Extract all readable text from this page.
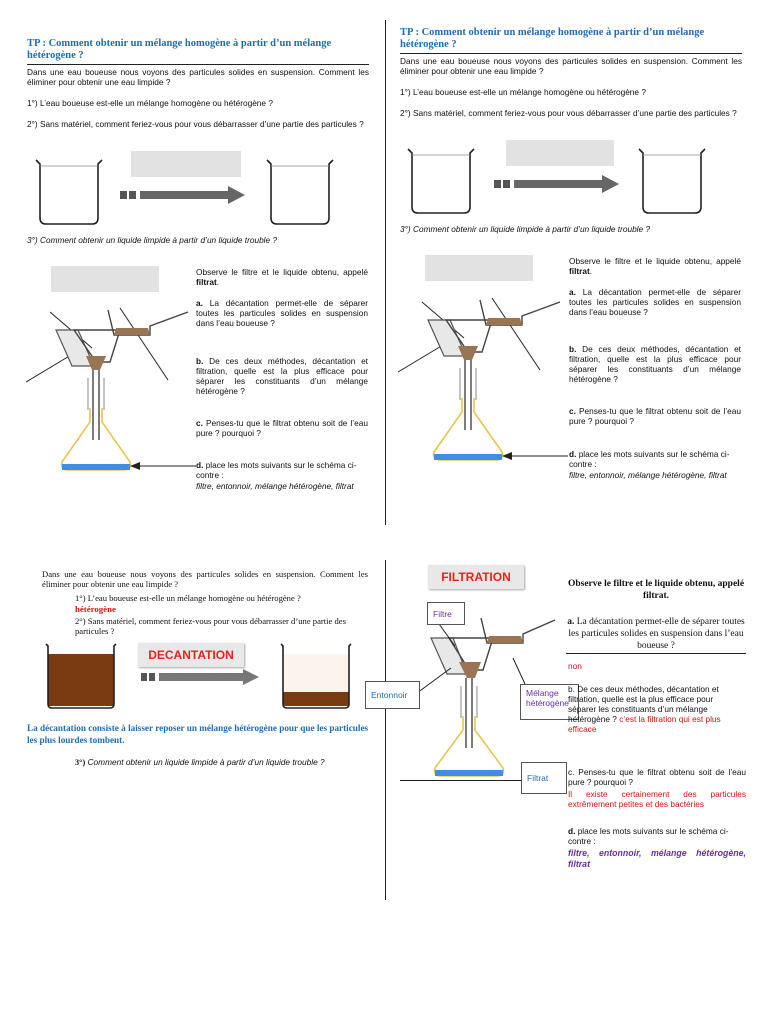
TP : Comment obtenir un mélange homogène à partir d’un mélange hétérogène ?
Dans une eau boueuse nous voyons des particules solides en suspension. Comment les éliminer pour obtenir une eau limpide ?
1°) L’eau boueuse est-elle un mélange homogène ou hétérogène ?
2°) Sans matériel, comment feriez-vous pour vous débarrasser d’une partie des particules ?
3°) Comment obtenir un liquide limpide à partir d’un liquide trouble ?
Observe le filtre et le liquide obtenu, appelé filtrat.
a. La décantation permet-elle de séparer toutes les particules solides en suspension dans l’eau boueuse ?
b. De ces deux méthodes, décantation et filtration, quelle est la plus efficace pour séparer les constituants d’un mélange hétérogène ?
c. Penses-tu que le filtrat obtenu soit de l’eau pure ? pourquoi ?
d. place les mots suivants sur le schéma ci-contre :
filtre, entonnoir, mélange hétérogène, filtrat
TP : Comment obtenir un mélange homogène à partir d’un mélange hétérogène ?
Dans une eau boueuse nous voyons des particules solides en suspension. Comment les éliminer pour obtenir une eau limpide ?
1°) L’eau boueuse est-elle un mélange homogène ou hétérogène ?
2°) Sans matériel, comment feriez-vous pour vous débarrasser d’une partie des particules ?
3°) Comment obtenir un liquide limpide à partir d’un liquide trouble ?
Observe le filtre et le liquide obtenu, appelé filtrat.
a. La décantation permet-elle de séparer toutes les particules solides en suspension dans l’eau boueuse ?
b. De ces deux méthodes, décantation et filtration, quelle est la plus efficace pour séparer les constituants d’un mélange hétérogène ?
c. Penses-tu que le filtrat obtenu soit de l’eau pure ? pourquoi ?
d. place les mots suivants sur le schéma ci-contre :
filtre, entonnoir, mélange hétérogène, filtrat
Dans une eau boueuse nous voyons des particules solides en suspension. Comment les éliminer pour obtenir une eau limpide ?
1°) L’eau boueuse est-elle un mélange homogène ou hétérogène ?
hétérogène
2°) Sans matériel, comment feriez-vous pour vous débarrasser d’une partie des particules ?
DECANTATION
La décantation consiste à laisser reposer un mélange hétérogène pour que les particules les plus lourdes tombent.
3°) Comment obtenir un liquide limpide à partir d’un liquide trouble ?
FILTRATION
Filtre
Entonnoir	Mélange hétérogène
Filtrat
Observe le filtre et le liquide obtenu, appelé filtrat.
a. La décantation permet-elle de séparer toutes les particules solides en suspension dans l’eau boueuse ?
non
b. De ces deux méthodes, décantation et
filtration, quelle est la plus efficace pour
séparer les constituants d’un mélange
hétérogène ? c’est la filtration qui est plus efficace
c. Penses-tu que le filtrat obtenu soit de l’eau pure ? pourquoi ?
Il existe certainement des particules extrêmement petites et des bactéries
d. place les mots suivants sur le schéma ci-contre :
filtre, entonnoir, mélange hétérogène, filtrat
